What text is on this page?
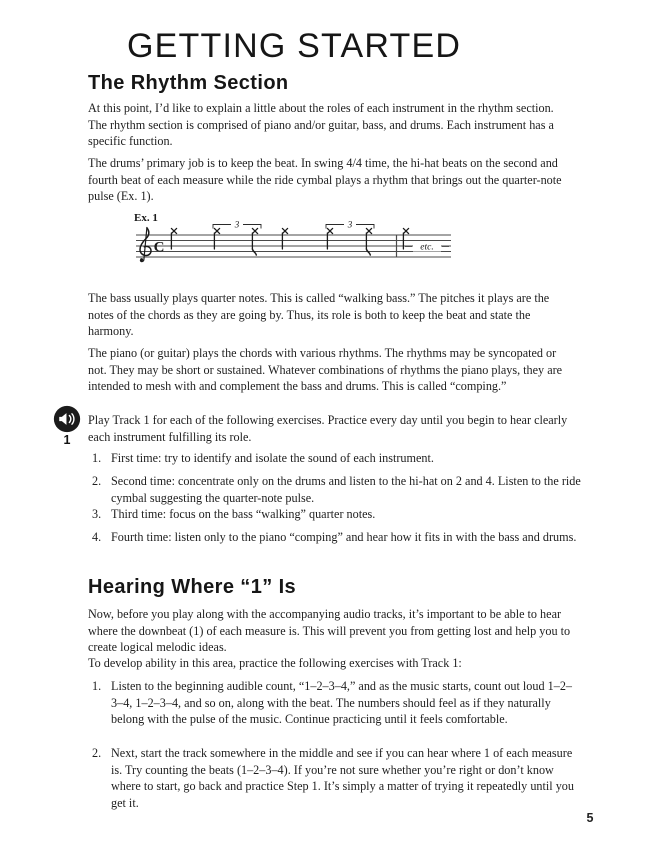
GETTING STARTED
The Rhythm Section

At this point, I’d like to explain a little about the roles of each instrument in the rhythm section. The rhythm section is comprised of piano and/or guitar, bass, and drums. Each instrument has a specific function.

The drums’ primary job is to keep the beat. In swing 4/4 time, the hi-hat beats on the second and fourth beat of each measure while the ride cymbal plays a rhythm that brings out the quarter-note pulse (Ex. 1).

Ex. 1
C
3	3
etc.

The bass usually plays quarter notes. This is called “walking bass.” The pitches it plays are the notes of the chords as they are going by. Thus, its role is both to keep the beat and state the harmony.

The piano (or guitar) plays the chords with various rhythms. The rhythms may be syncopated or not. They may be short or sustained. Whatever combinations of rhythms the piano plays, they are intended to mesh with and complement the bass and drums. This is called “comping.”

1

Play Track 1 for each of the following exercises. Practice every day until you begin to hear clearly each instrument fulfilling its role.

1. First time: try to identify and isolate the sound of each instrument.
2. Second time: concentrate only on the drums and listen to the hi-hat on 2 and 4. Listen to the ride cymbal suggesting the quarter-note pulse.
3. Third time: focus on the bass “walking” quarter notes.
4. Fourth time: listen only to the piano “comping” and hear how it fits in with the bass and drums.
Hearing Where “1” Is

Now, before you play along with the accompanying audio tracks, it’s important to be able to hear where the downbeat (1) of each measure is. This will prevent you from getting lost and help you to create logical melodic ideas.

To develop ability in this area, practice the following exercises with Track 1:

1. Listen to the beginning audible count, “1–2–3–4,” and as the music starts, count out loud 1–2–3–4, 1–2–3–4, and so on, along with the beat. The numbers should feel as if they naturally belong with the pulse of the music. Continue practicing until it feels comfortable.
2. Next, start the track somewhere in the middle and see if you can hear where 1 of each measure is. Try counting the beats (1–2–3–4). If you’re not sure whether you’re right or don’t know where to start, go back and practice Step 1. It’s simply a matter of trying it repeatedly until you get it.
5
